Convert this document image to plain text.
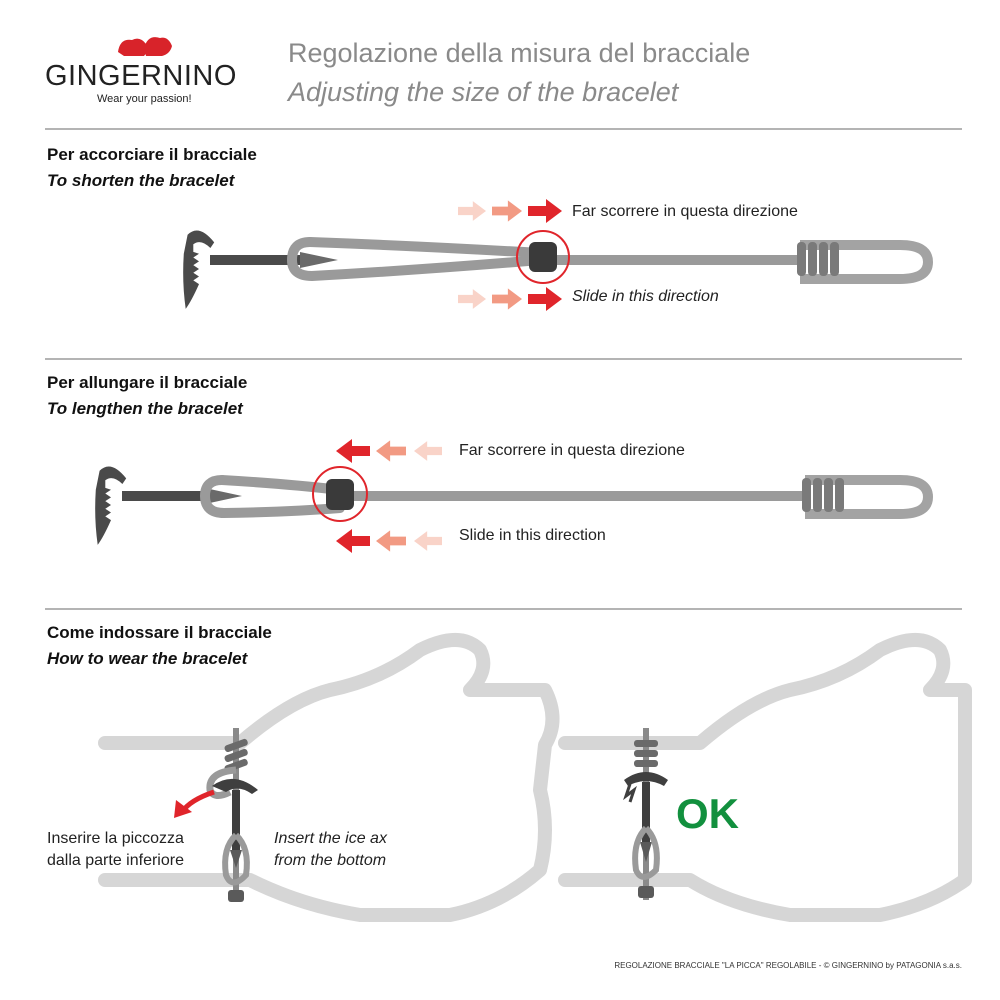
GINGERNINO
Wear your passion!
Regolazione della misura del bracciale
Adjusting the size of the bracelet
Per accorciare il bracciale
To shorten the bracelet
Far scorrere in questa direzione
Slide in this direction
Per allungare il bracciale
To lengthen the bracelet
Far scorrere in questa direzione
Slide in this direction
Come indossare il bracciale
How to wear the bracelet
Inserire la piccozza
dalla parte inferiore
Insert the ice ax
from the bottom
OK
REGOLAZIONE BRACCIALE "LA PICCA" REGOLABILE - © GINGERNINO by PATAGONIA s.a.s.
